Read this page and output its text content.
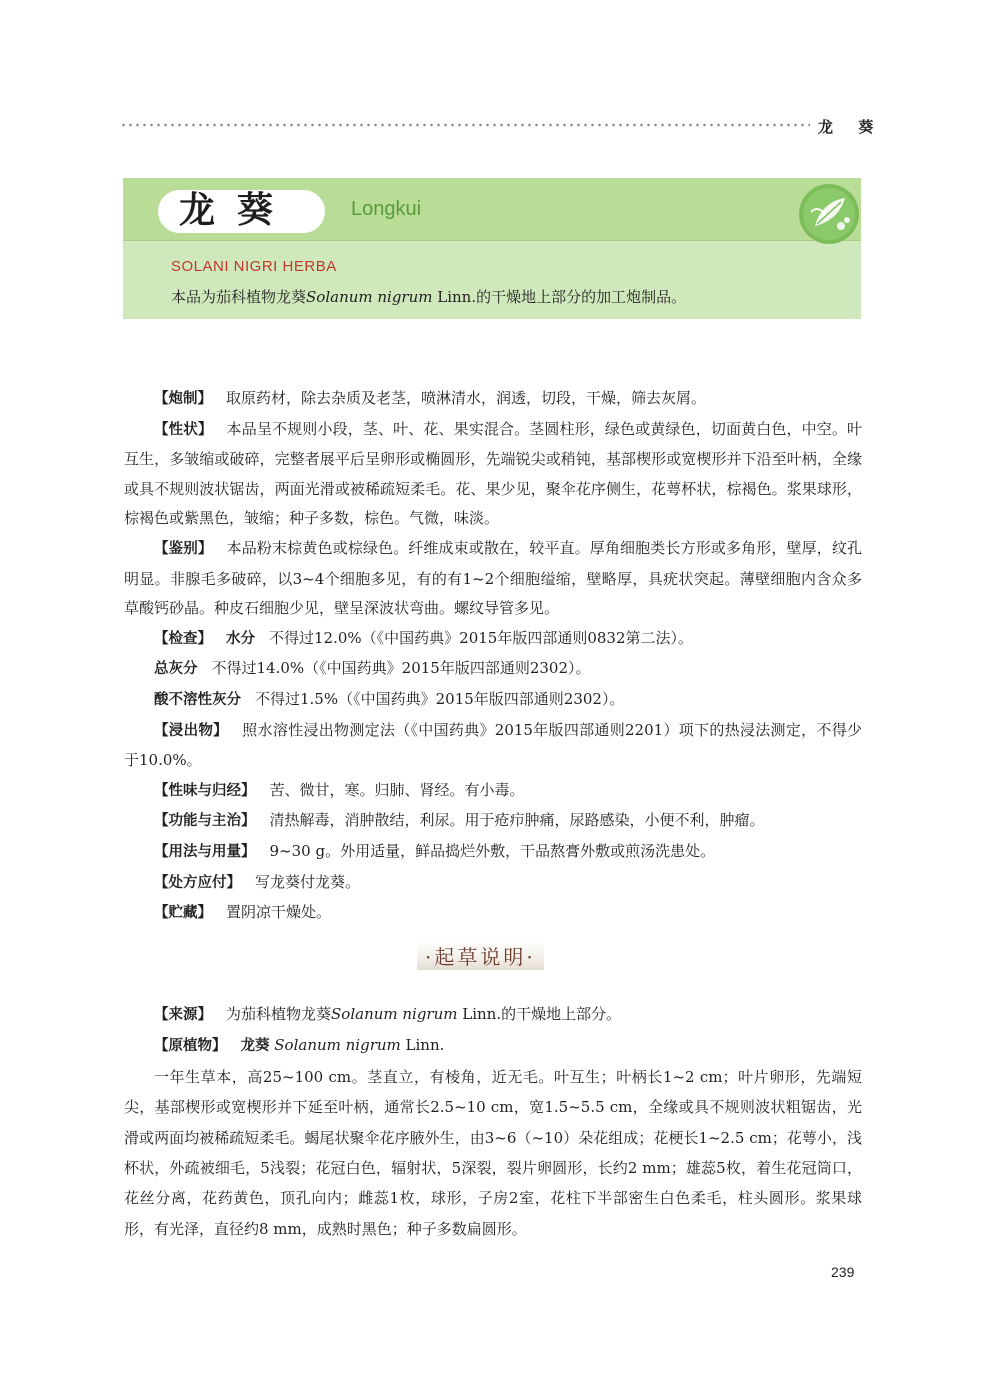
龙 葵
龙葵	Longkui
SOLANI NIGRI HERBA
本品为茄科植物龙葵Solanum nigrum Linn.的干燥地上部分的加工炮制品。

【炮制】 取原药材，除去杂质及老茎，喷淋清水，润透，切段，干燥，筛去灰屑。

【性状】 本品呈不规则小段，茎、叶、花、果实混合。茎圆柱形，绿色或黄绿色，切面黄白色，中空。叶互生，多皱缩或破碎，完整者展平后呈卵形或椭圆形，先端锐尖或稍钝，基部楔形或宽楔形并下沿至叶柄，全缘或具不规则波状锯齿，两面光滑或被稀疏短柔毛。花、果少见，聚伞花序侧生，花萼杯状，棕褐色。浆果球形，棕褐色或紫黑色，皱缩；种子多数，棕色。气微，味淡。

【鉴别】 本品粉末棕黄色或棕绿色。纤维成束或散在，较平直。厚角细胞类长方形或多角形，壁厚，纹孔明显。非腺毛多破碎，以3~4个细胞多见，有的有1~2个细胞缢缩，壁略厚，具疣状突起。薄壁细胞内含众多草酸钙砂晶。种皮石细胞少见，壁呈深波状弯曲。螺纹导管多见。

【检查】 水分 不得过12.0%（《中国药典》2015年版四部通则0832第二法）。

总灰分 不得过14.0%（《中国药典》2015年版四部通则2302）。

酸不溶性灰分 不得过1.5%（《中国药典》2015年版四部通则2302）。

【浸出物】 照水溶性浸出物测定法（《中国药典》2015年版四部通则2201）项下的热浸法测定，不得少于10.0%。

【性味与归经】 苦、微甘，寒。归肺、肾经。有小毒。

【功能与主治】 清热解毒，消肿散结，利尿。用于疮疖肿痛，尿路感染，小便不利，肿瘤。

【用法与用量】 9~30 g。外用适量，鲜品捣烂外敷，干品熬膏外敷或煎汤洗患处。

【处方应付】 写龙葵付龙葵。

【贮藏】 置阴凉干燥处。

·起草说明·

【来源】 为茄科植物龙葵Solanum nigrum Linn.的干燥地上部分。

【原植物】 龙葵 Solanum nigrum Linn.

一年生草本，高25~100 cm。茎直立，有棱角，近无毛。叶互生；叶柄长1~2 cm；叶片卵形，先端短尖，基部楔形或宽楔形并下延至叶柄，通常长2.5~10 cm，宽1.5~5.5 cm，全缘或具不规则波状粗锯齿，光滑或两面均被稀疏短柔毛。蝎尾状聚伞花序腋外生，由3~6（~10）朵花组成；花梗长1~2.5 cm；花萼小，浅杯状，外疏被细毛，5浅裂；花冠白色，辐射状，5深裂，裂片卵圆形，长约2 mm；雄蕊5枚，着生花冠筒口，花丝分离，花药黄色，顶孔向内；雌蕊1枚，球形，子房2室，花柱下半部密生白色柔毛，柱头圆形。浆果球形，有光泽，直径约8 mm，成熟时黑色；种子多数扁圆形。

239
